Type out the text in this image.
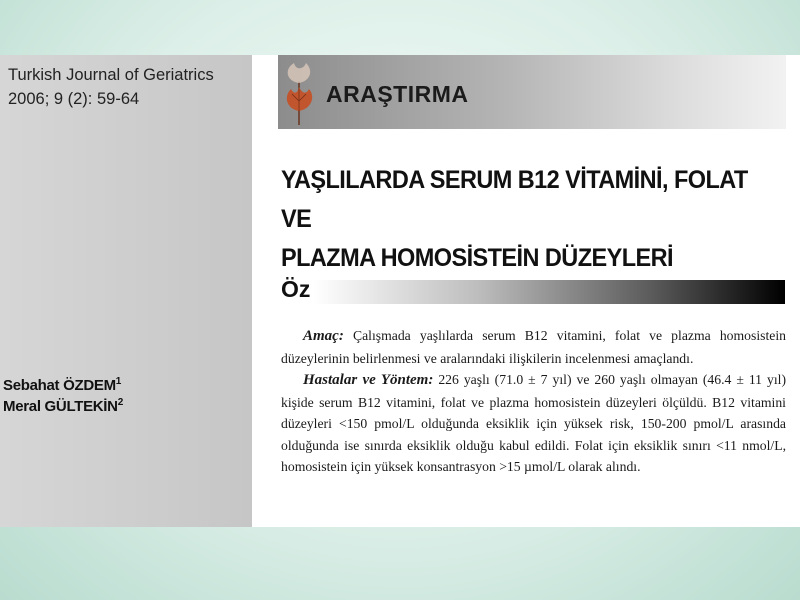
Turkish Journal of Geriatrics
2006; 9 (2): 59-64
Sebahat ÖZDEM$^1$
Meral GÜLTEKİN$^2$
ARAŞTIRMA
YAŞLILARDA SERUM B12 VİTAMİNİ, FOLAT VE
PLAZMA HOMOSİSTEİN DÜZEYLERİ
Öz

Amaç: Çalışmada yaşlılarda serum B12 vitamini, folat ve plazma homosistein düzeylerinin belirlenmesi ve aralarındaki ilişkilerin incelenmesi amaçlandı.

Hastalar ve Yöntem: 226 yaşlı (71.0 ± 7 yıl) ve 260 yaşlı olmayan (46.4 ± 11 yıl) kişide serum B12 vitamini, folat ve plazma homosistein düzeyleri ölçüldü. B12 vitamini düzeyleri <150 pmol/L olduğunda eksiklik için yüksek risk, 150-200 pmol/L arasında olduğunda ise sınırda eksiklik olduğu kabul edildi. Folat için eksiklik sınırı <11 nmol/L, homosistein için yüksek konsantrasyon >15 µmol/L olarak alındı.
